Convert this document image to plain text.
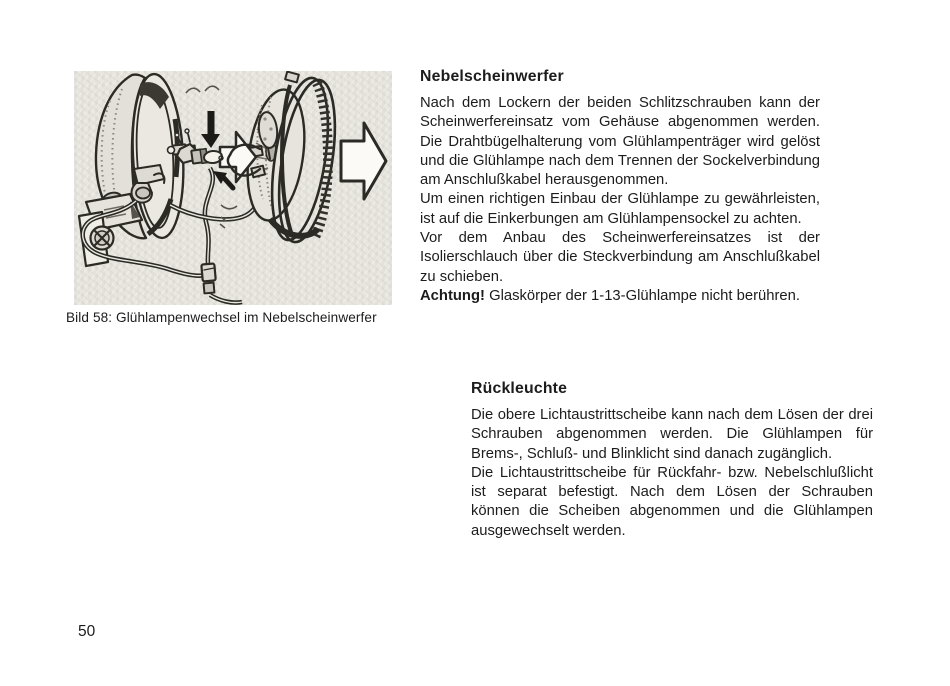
Bild 58: Glühlampenwechsel im Nebelscheinwerfer
Nebelscheinwerfer

Nach dem Lockern der beiden Schlitzschrauben kann der Scheinwerfereinsatz vom Gehäuse abgenommen werden. Die Drahtbügelhalterung vom Glühlampenträger wird gelöst und die Glühlampe nach dem Trennen der Sockelverbindung am Anschlußkabel herausgenommen.

Um einen richtigen Einbau der Glühlampe zu gewährleisten, ist auf die Einkerbungen am Glühlampensockel zu achten.

Vor dem Anbau des Scheinwerfereinsatzes ist der Isolierschlauch über die Steckverbindung am Anschlußkabel zu schieben.

Achtung! Glaskörper der 1-13-Glühlampe nicht berühren.

Rückleuchte

Die obere Lichtaustrittscheibe kann nach dem Lösen der drei Schrauben abgenommen werden. Die Glühlampen für Brems-, Schluß- und Blinklicht sind danach zugänglich.

Die Lichtaustrittscheibe für Rückfahr- bzw. Nebelschlußlicht ist separat befestigt. Nach dem Lösen der Schrauben können die Scheiben abgenommen und die Glühlampen ausgewechselt werden.

50
